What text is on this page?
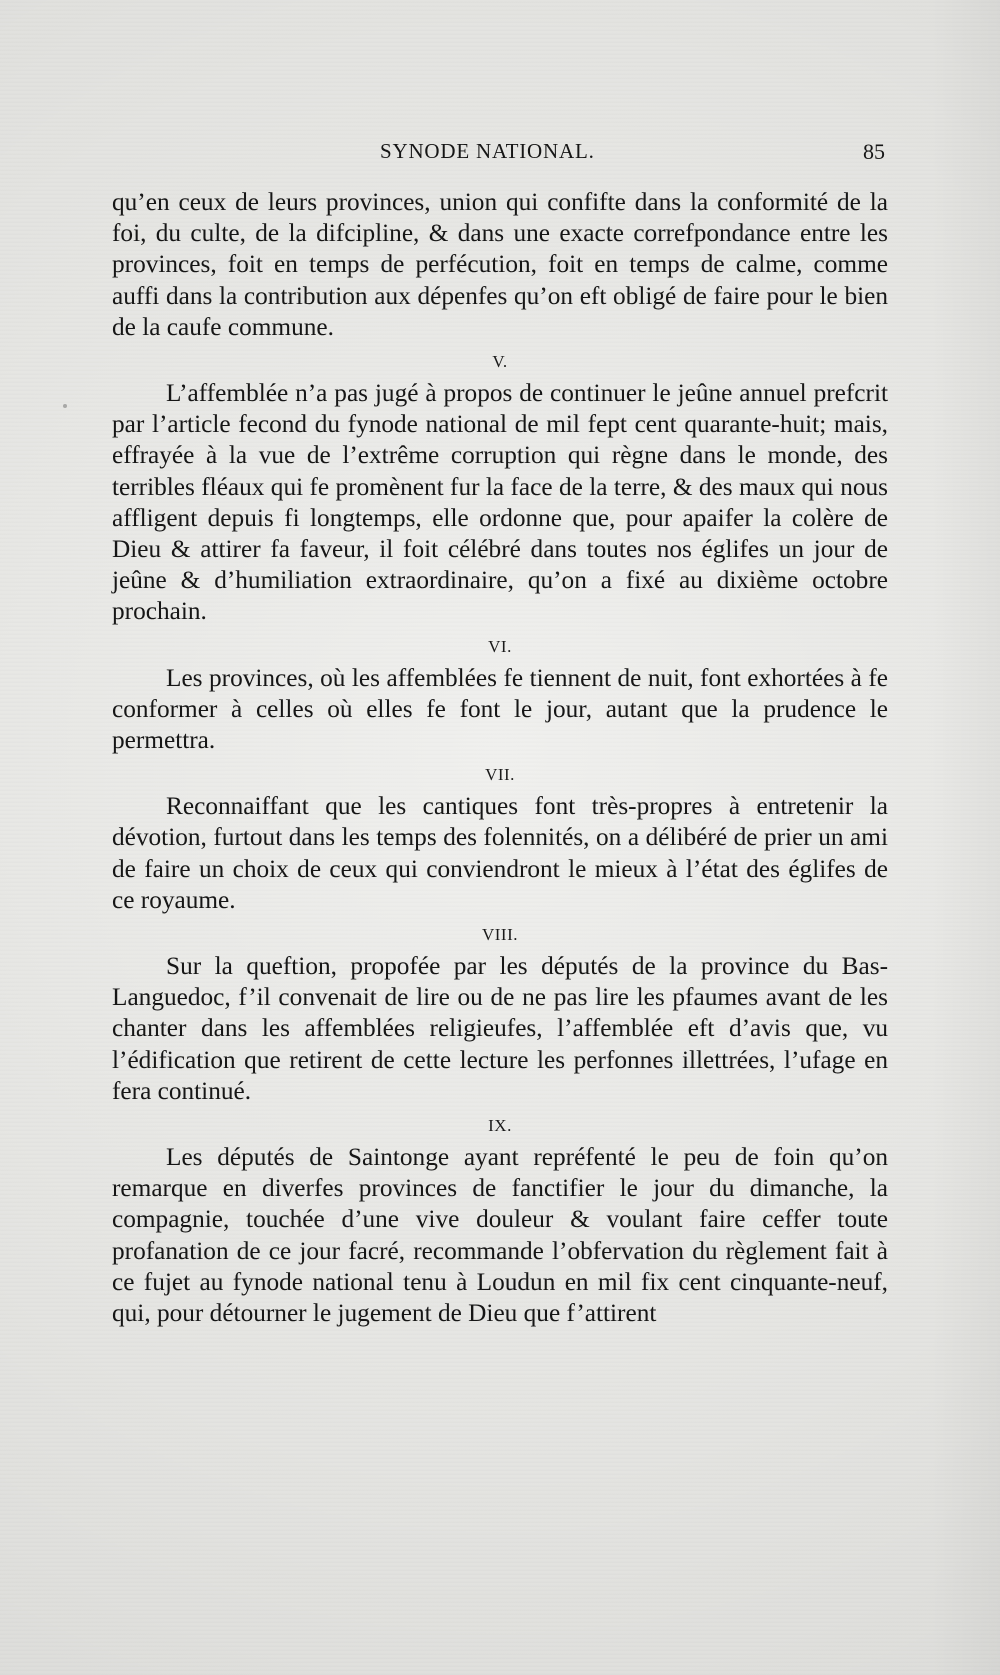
SYNODE NATIONAL.	85

qu’en ceux de leurs provinces, union qui confifte dans la conformité de la foi, du culte, de la difcipline, & dans une exacte correfpondance entre les provinces, foit en temps de perfécution, foit en temps de calme, comme auffi dans la contribution aux dépenfes qu’on eft obligé de faire pour le bien de la caufe commune.

V.

L’affemblée n’a pas jugé à propos de continuer le jeûne annuel prefcrit par l’article fecond du fynode national de mil fept cent quarante-huit; mais, effrayée à la vue de l’extrême corruption qui règne dans le monde, des terribles fléaux qui fe promènent fur la face de la terre, & des maux qui nous affligent depuis fi longtemps, elle ordonne que, pour apaifer la colère de Dieu & attirer fa faveur, il foit célébré dans toutes nos églifes un jour de jeûne & d’humiliation extraordinaire, qu’on a fixé au dixième octobre prochain.

VI.

Les provinces, où les affemblées fe tiennent de nuit, font exhortées à fe conformer à celles où elles fe font le jour, autant que la prudence le permettra.

VII.

Reconnaiffant que les cantiques font très-propres à entretenir la dévotion, furtout dans les temps des folennités, on a délibéré de prier un ami de faire un choix de ceux qui conviendront le mieux à l’état des églifes de ce royaume.

VIII.

Sur la queftion, propofée par les députés de la province du Bas-Languedoc, f’il convenait de lire ou de ne pas lire les pfaumes avant de les chanter dans les affemblées religieufes, l’affemblée eft d’avis que, vu l’édification que retirent de cette lecture les perfonnes illettrées, l’ufage en fera continué.

IX.

Les députés de Saintonge ayant repréfenté le peu de foin qu’on remarque en diverfes provinces de fanctifier le jour du dimanche, la compagnie, touchée d’une vive douleur & voulant faire ceffer toute profanation de ce jour facré, recommande l’obfervation du règlement fait à ce fujet au fynode national tenu à Loudun en mil fix cent cinquante-neuf, qui, pour détourner le jugement de Dieu que f’attirent
